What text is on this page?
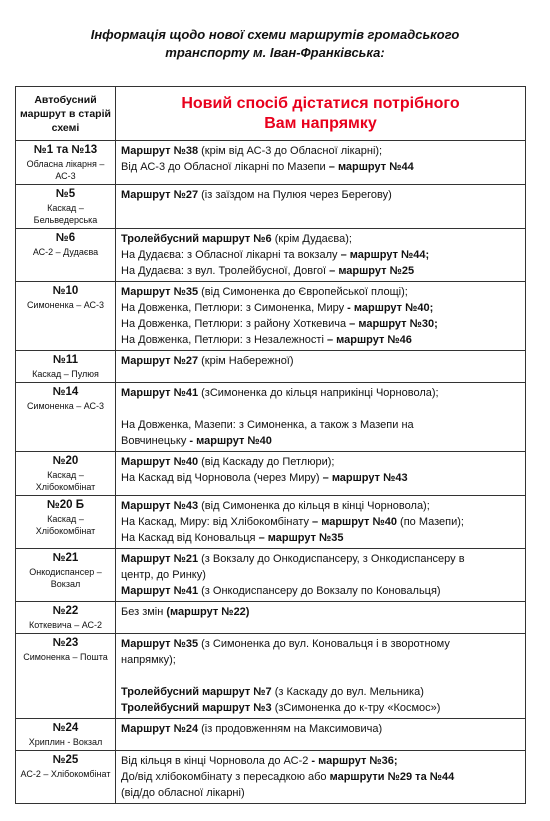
Інформація щодо нової схеми маршрутів громадського
транспорту м. Іван-Франківська:
Автобусний маршрут в старій схемі	Новий спосіб дістатися потрібного
Вам напрямку

№1 та №13
Обласна лікарня – АС-3	Маршрут №38 (крім від АС-3 до Обласної лікарні);
Від АС-3 до Обласної лікарні по Мазепи – маршрут №44

№5
Каскад – Бельведерська	Маршрут №27 (із заїздом на Пулюя через Берегову)

№6
АС-2 – Дудаєва	Тролейбусний маршрут №6 (крім Дудаєва);
На Дудаєва: з Обласної лікарні та вокзалу – маршрут №44;
На Дудаєва: з вул. Тролейбусної, Довгої – маршрут №25

№10
Симоненка – АС-3	Маршрут №35 (від Симоненка до Європейської площі);
На Довженка, Петлюри: з Симоненка, Миру - маршрут №40;
На Довженка, Петлюри: з району Хоткевича – маршрут №30;
На Довженка, Петлюри: з Незалежності – маршрут №46

№11
Каскад – Пулюя	Маршрут №27 (крім Набережної)

№14
Симоненка – АС-3	Маршрут №41 (зСимоненка до кільця наприкінці Чорновола);
На Довженка, Мазепи: з Симоненка, а також з Мазепи на
Вовчинецьку - маршрут №40

№20
Каскад – Хлібокомбінат	Маршрут №40 (від Каскаду до Петлюри);
На Каскад від Чорновола (через Миру) – маршрут №43

№20 Б
Каскад – Хлібокомбінат	Маршрут №43 (від Симоненка до кільця в кінці Чорновола);
На Каскад, Миру: від Хлібокомбінату – маршрут №40 (по Мазепи);
На Каскад від Коновальця – маршрут №35

№21
Онкодиспансер – Вокзал	Маршрут №21 (з Вокзалу до Онкодиспансеру, з Онкодиспансеру в
центр, до Ринку)
Маршрут №41 (з Онкодиспансеру до Вокзалу по Коновальця)

№22
Коткевича – АС-2	Без змін (маршрут №22)

№23
Симоненка – Пошта	Маршрут №35 (з Симоненка до вул. Коновальця і в зворотному
напрямку);
Тролейбусний маршрут №7 (з Каскаду до вул. Мельника)
Тролейбусний маршрут №3 (зСимоненка до к-тру «Космос»)

№24
Хриплин - Вокзал	Маршрут №24 (із продовженням на Максимовича)

№25
АС-2 – Хлібокомбінат	Від кільця в кінці Чорновола до АС-2 - маршрут №36;
До/від хлібокомбінату з пересадкою або маршрути №29 та №44
(від/до обласної лікарні)
